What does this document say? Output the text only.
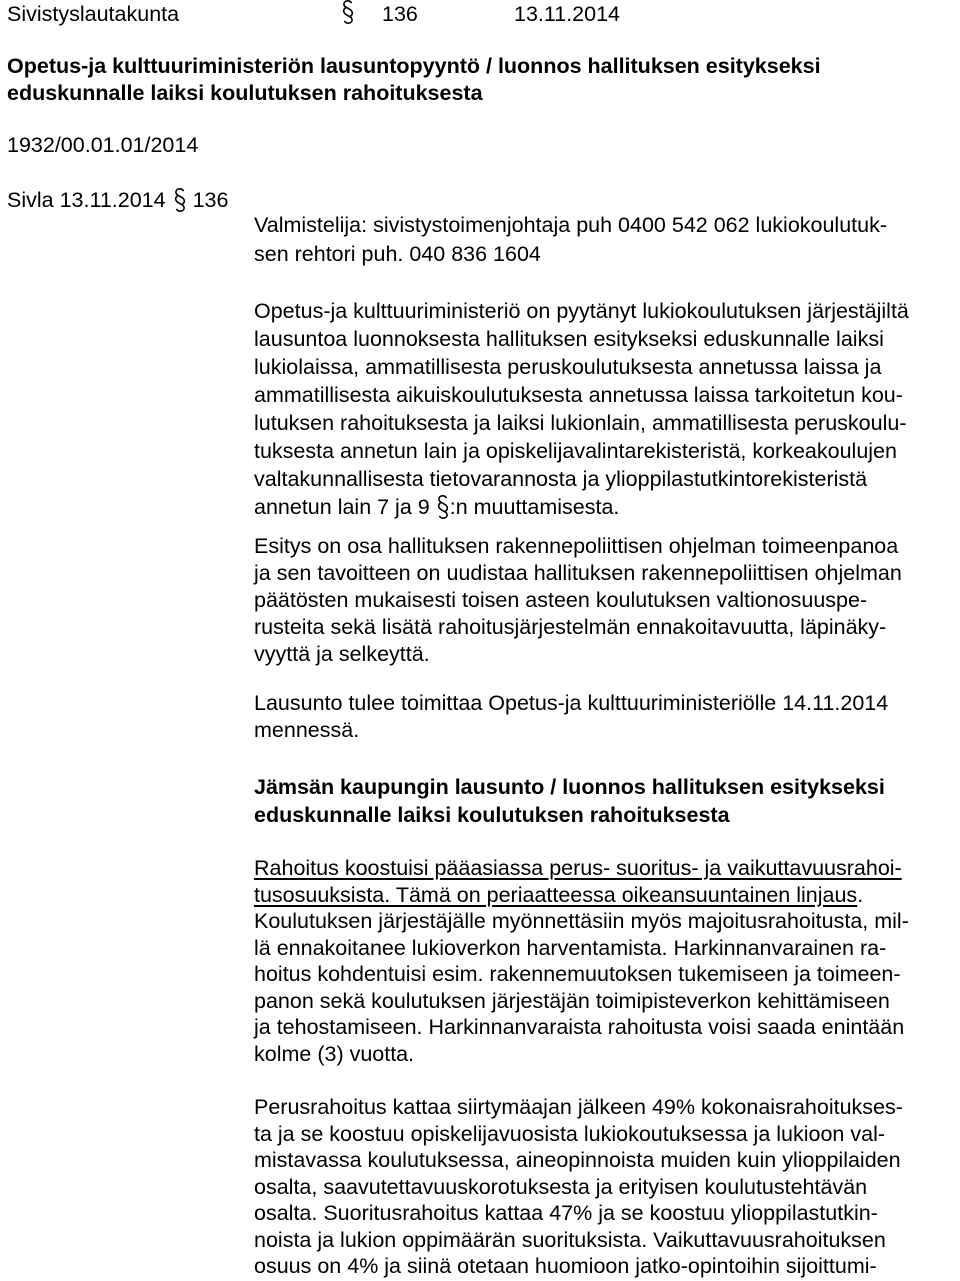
Sivistyslautakunta	136	13.11.2014
Opetus-ja kulttuuriministeriön lausuntopyyntö / luonnos hallituksen esitykseksi
eduskunnalle laiksi koulutuksen rahoituksesta
1932/00.01.01/2014
Sivla 13.11.2014 136
Valmistelija: sivistystoimenjohtaja puh 0400 542 062 lukiokoulutuk-
sen rehtori puh. 040 836 1604
Opetus-ja kulttuuriministeriö on pyytänyt lukiokoulutuksen järjestäjiltä
lausuntoa luonnoksesta hallituksen esitykseksi eduskunnalle laiksi
lukiolaissa, ammatillisesta peruskoulutuksesta annetussa laissa ja
ammatillisesta aikuiskoulutuksesta annetussa laissa tarkoitetun kou-
lutuksen rahoituksesta ja laiksi lukionlain, ammatillisesta peruskoulu-
tuksesta annetun lain ja opiskelijavalintarekisteristä, korkeakoulujen
valtakunnallisesta tietovarannosta ja ylioppilastutkintorekisteristä
annetun lain 7 ja 9 :n muuttamisesta.
Esitys on osa hallituksen rakennepoliittisen ohjelman toimeenpanoa
ja sen tavoitteen on uudistaa hallituksen rakennepoliittisen ohjelman
päätösten mukaisesti toisen asteen koulutuksen valtionosuuspe-
rusteita sekä lisätä rahoitusjärjestelmän ennakoitavuutta, läpinäky-
vyyttä ja selkeyttä.
Lausunto tulee toimittaa Opetus-ja kulttuuriministeriölle 14.11.2014
mennessä.
Jämsän kaupungin lausunto / luonnos hallituksen esitykseksi
eduskunnalle laiksi koulutuksen rahoituksesta
Rahoitus koostuisi pääasiassa perus- suoritus- ja vaikuttavuusrahoi-
tusosuuksista. Tämä on periaatteessa oikeansuuntainen linjaus.
Koulutuksen järjestäjälle myönnettäsiin myös majoitusrahoitusta, mil-
lä ennakoitanee lukioverkon harventamista. Harkinnanvarainen ra-
hoitus kohdentuisi esim. rakennemuutoksen tukemiseen ja toimeen-
panon sekä koulutuksen järjestäjän toimipisteverkon kehittämiseen
ja tehostamiseen. Harkinnanvaraista rahoitusta voisi saada enintään
kolme (3) vuotta.
Perusrahoitus kattaa siirtymäajan jälkeen 49% kokonaisrahoitukses-
ta ja se koostuu opiskelijavuosista lukiokoutuksessa ja lukioon val-
mistavassa koulutuksessa, aineopinnoista muiden kuin ylioppilaiden
osalta, saavutettavuuskorotuksesta ja erityisen koulutustehtävän
osalta. Suoritusrahoitus kattaa 47% ja se koostuu ylioppilastutkin-
noista ja lukion oppimäärän suorituksista. Vaikuttavuusrahoituksen
osuus on 4% ja siinä otetaan huomioon jatko-opintoihin sijoittumi-
